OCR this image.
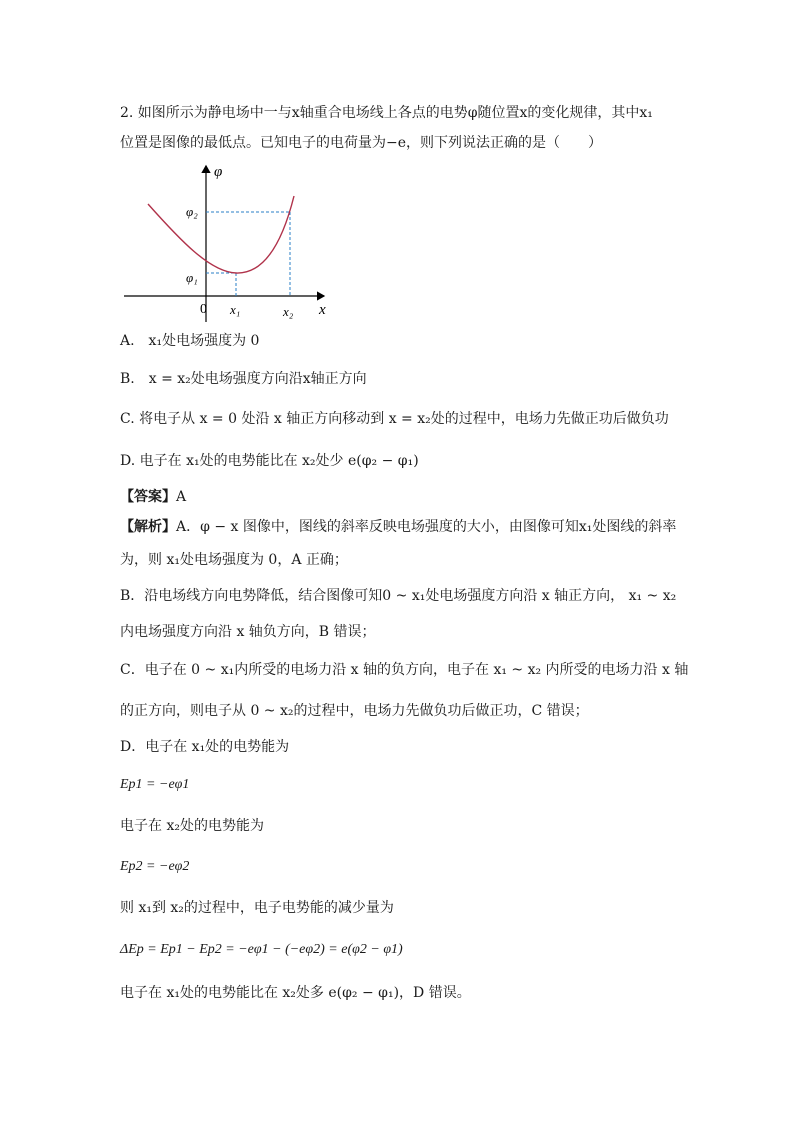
2. 如图所示为静电场中一与x轴重合电场线上各点的电势φ随位置x的变化规律，其中x₁
位置是图像的最低点。已知电子的电荷量为−e，则下列说法正确的是（　　）
φ
x
0
φ₂
φ₁
x₁	x₂
A.　x₁处电场强度为 0
B.　x = x₂处电场强度方向沿x轴正方向
C. 将电子从 x = 0 处沿 x 轴正方向移动到 x = x₂处的过程中，电场力先做正功后做负功
D. 电子在 x₁处的电势能比在 x₂处少 e(φ₂ − φ₁)
【答案】A
【解析】A．φ − x 图像中，图线的斜率反映电场强度的大小，由图像可知x₁处图线的斜率
为，则 x₁处电场强度为 0，A 正确；
B．沿电场线方向电势降低，结合图像可知0 ~ x₁处电场强度方向沿 x 轴正方向， x₁ ~ x₂
内电场强度方向沿 x 轴负方向，B 错误；
C．电子在 0 ~ x₁内所受的电场力沿 x 轴的负方向，电子在 x₁ ~ x₂ 内所受的电场力沿 x 轴
的正方向，则电子从 0 ~ x₂的过程中，电场力先做负功后做正功，C 错误；
D．电子在 x₁处的电势能为
Ep1 = −eφ1
电子在 x₂处的电势能为
Ep2 = −eφ2
则 x₁到 x₂的过程中，电子电势能的减少量为
ΔEp = Ep1 − Ep2 = −eφ1 − (−eφ2) = e(φ2 − φ1)
电子在 x₁处的电势能比在 x₂处多 e(φ₂ − φ₁)，D 错误。
